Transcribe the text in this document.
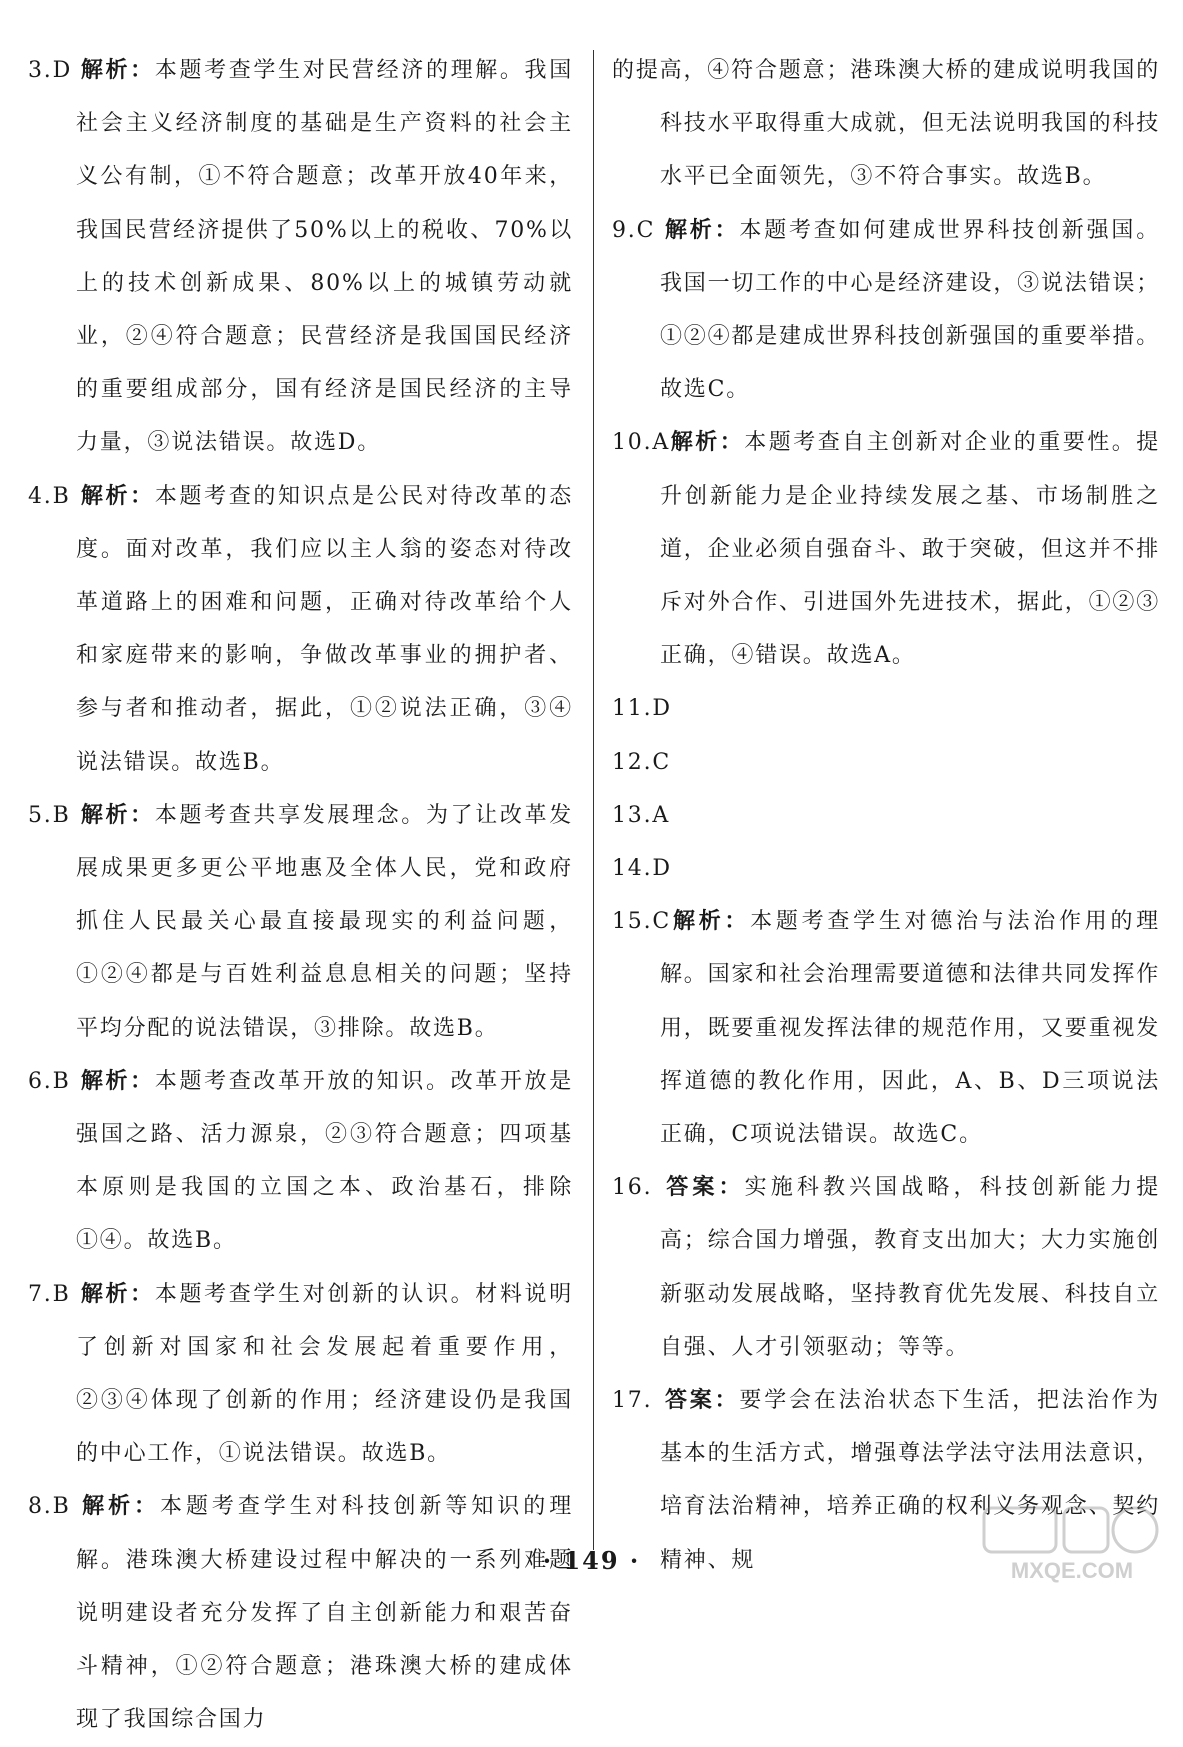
3.D 解析：本题考查学生对民营经济的理解。我国社会主义经济制度的基础是生产资料的社会主义公有制，①不符合题意；改革开放40年来，我国民营经济提供了50%以上的税收、70%以上的技术创新成果、80%以上的城镇劳动就业，②④符合题意；民营经济是我国国民经济的重要组成部分，国有经济是国民经济的主导力量，③说法错误。故选D。

4.B 解析：本题考查的知识点是公民对待改革的态度。面对改革，我们应以主人翁的姿态对待改革道路上的困难和问题，正确对待改革给个人和家庭带来的影响，争做改革事业的拥护者、参与者和推动者，据此，①②说法正确，③④说法错误。故选B。

5.B 解析：本题考查共享发展理念。为了让改革发展成果更多更公平地惠及全体人民，党和政府抓住人民最关心最直接最现实的利益问题，①②④都是与百姓利益息息相关的问题；坚持平均分配的说法错误，③排除。故选B。

6.B 解析：本题考查改革开放的知识。改革开放是强国之路、活力源泉，②③符合题意；四项基本原则是我国的立国之本、政治基石，排除①④。故选B。

7.B 解析：本题考查学生对创新的认识。材料说明了创新对国家和社会发展起着重要作用，②③④体现了创新的作用；经济建设仍是我国的中心工作，①说法错误。故选B。

8.B 解析：本题考查学生对科技创新等知识的理解。港珠澳大桥建设过程中解决的一系列难题说明建设者充分发挥了自主创新能力和艰苦奋斗精神，①②符合题意；港珠澳大桥的建成体现了我国综合国力

的提高，④符合题意；港珠澳大桥的建成说明我国的科技水平取得重大成就，但无法说明我国的科技水平已全面领先，③不符合事实。故选B。

9.C 解析：本题考查如何建成世界科技创新强国。我国一切工作的中心是经济建设，③说法错误；①②④都是建成世界科技创新强国的重要举措。故选C。

10.A解析：本题考查自主创新对企业的重要性。提升创新能力是企业持续发展之基、市场制胜之道，企业必须自强奋斗、敢于突破，但这并不排斥对外合作、引进国外先进技术，据此，①②③正确，④错误。故选A。

11.D

12.C

13.A

14.D

15.C解析：本题考查学生对德治与法治作用的理解。国家和社会治理需要道德和法律共同发挥作用，既要重视发挥法律的规范作用，又要重视发挥道德的教化作用，因此，A、B、D三项说法正确，C项说法错误。故选C。

16. 答案：实施科教兴国战略，科技创新能力提高；综合国力增强，教育支出加大；大力实施创新驱动发展战略，坚持教育优先发展、科技自立自强、人才引领驱动；等等。

17. 答案：要学会在法治状态下生活，把法治作为基本的生活方式，增强尊法学法守法用法意识，培育法治精神，培养正确的权利义务观念、契约精神、规

· 149 ·	MXQE.COM
